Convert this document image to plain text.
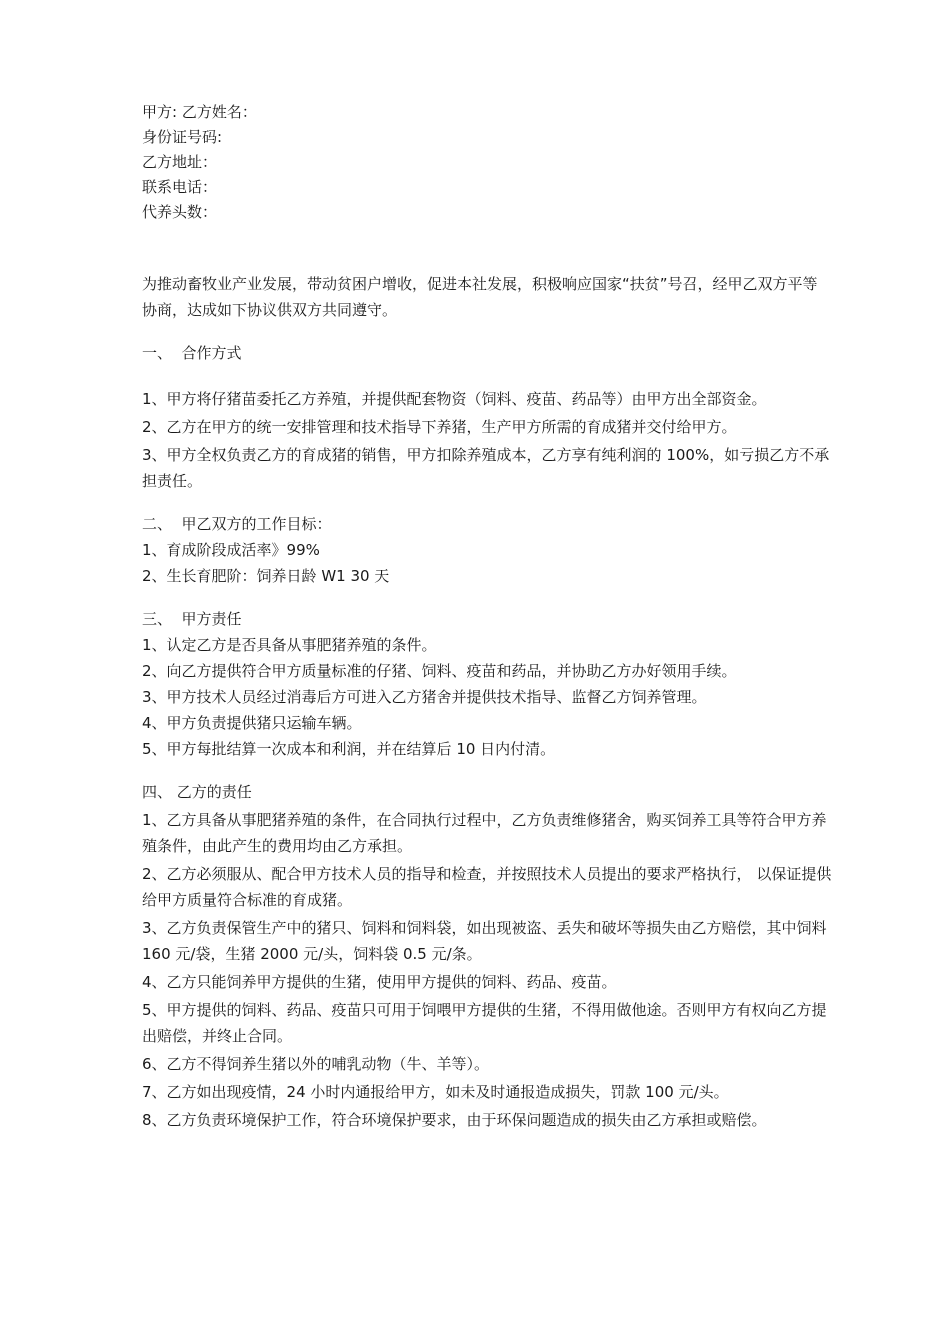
甲方: 乙方姓名：
身份证号码:
乙方地址：
联系电话：
代养头数：

为推动畜牧业产业发展，带动贫困户增收，促进本社发展，积极响应国家“扶贫”号召，经甲乙双方平等协商，达成如下协议供双方共同遵守。

一、  合作方式

1、甲方将仔猪苗委托乙方养殖，并提供配套物资（饲料、疫苗、药品等）由甲方出全部资金。

2、乙方在甲方的统一安排管理和技术指导下养猪，生产甲方所需的育成猪并交付给甲方。

3、甲方全权负责乙方的育成猪的销售，甲方扣除养殖成本，乙方享有纯利润的 100%，如亏损乙方不承担责任。

二、  甲乙双方的工作目标：

1、育成阶段成活率》99%

2、生长育肥阶：饲养日龄 W1 30 天

三、  甲方责任

1、认定乙方是否具备从事肥猪养殖的条件。

2、向乙方提供符合甲方质量标准的仔猪、饲料、疫苗和药品，并协助乙方办好领用手续。

3、甲方技术人员经过消毒后方可进入乙方猪舍并提供技术指导、监督乙方饲养管理。

4、甲方负责提供猪只运输车辆。

5、甲方每批结算一次成本和利润，并在结算后 10 日内付清。

四、 乙方的责任

1、乙方具备从事肥猪养殖的条件，在合同执行过程中，乙方负责维修猪舍，购买饲养工具等符合甲方养殖条件，由此产生的费用均由乙方承担。

2、乙方必须服从、配合甲方技术人员的指导和检查，并按照技术人员提出的要求严格执行， 以保证提供给甲方质量符合标准的育成猪。

3、乙方负责保管生产中的猪只、饲料和饲料袋，如出现被盗、丢失和破坏等损失由乙方赔偿，其中饲料 160 元/袋，生猪 2000 元/头，饲料袋 0.5 元/条。

4、乙方只能饲养甲方提供的生猪，使用甲方提供的饲料、药品、疫苗。

5、甲方提供的饲料、药品、疫苗只可用于饲喂甲方提供的生猪，不得用做他途。否则甲方有权向乙方提出赔偿，并终止合同。

6、乙方不得饲养生猪以外的哺乳动物（牛、羊等）。

7、乙方如出现疫情，24 小时内通报给甲方，如未及时通报造成损失，罚款 100 元/头。

8、乙方负责环境保护工作，符合环境保护要求，由于环保问题造成的损失由乙方承担或赔偿。
